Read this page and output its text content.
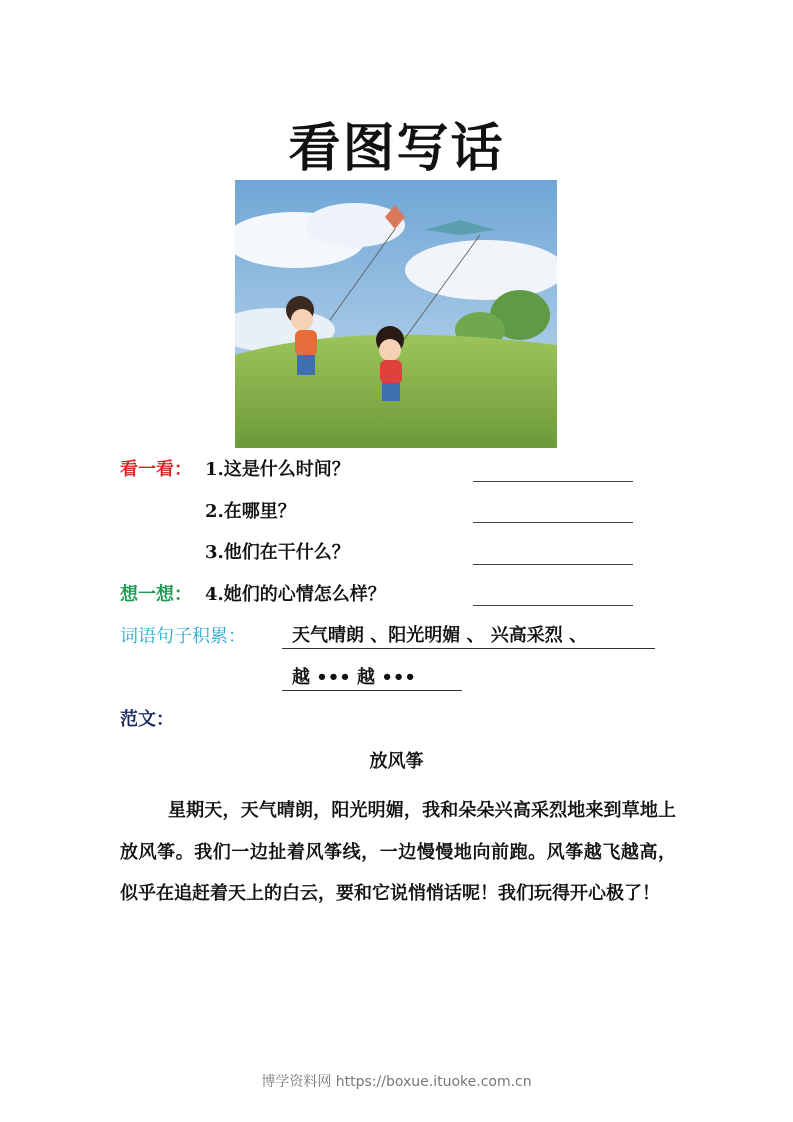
看图写话
看一看： 1.这是什么时间？
2.在哪里？
3.他们在干什么？
想一想： 4.她们的心情怎么样？
词语句子积累：	天气晴朗 、阳光明媚 、 兴高采烈 、
越 ••• 越 •••
范文：
放风筝
星期天，天气晴朗，阳光明媚，我和朵朵兴高采烈地来到草地上放风筝。我们一边扯着风筝线，一边慢慢地向前跑。风筝越飞越高，似乎在追赶着天上的白云，要和它说悄悄话呢！我们玩得开心极了！
博学资料网 https://boxue.ituoke.com.cn
